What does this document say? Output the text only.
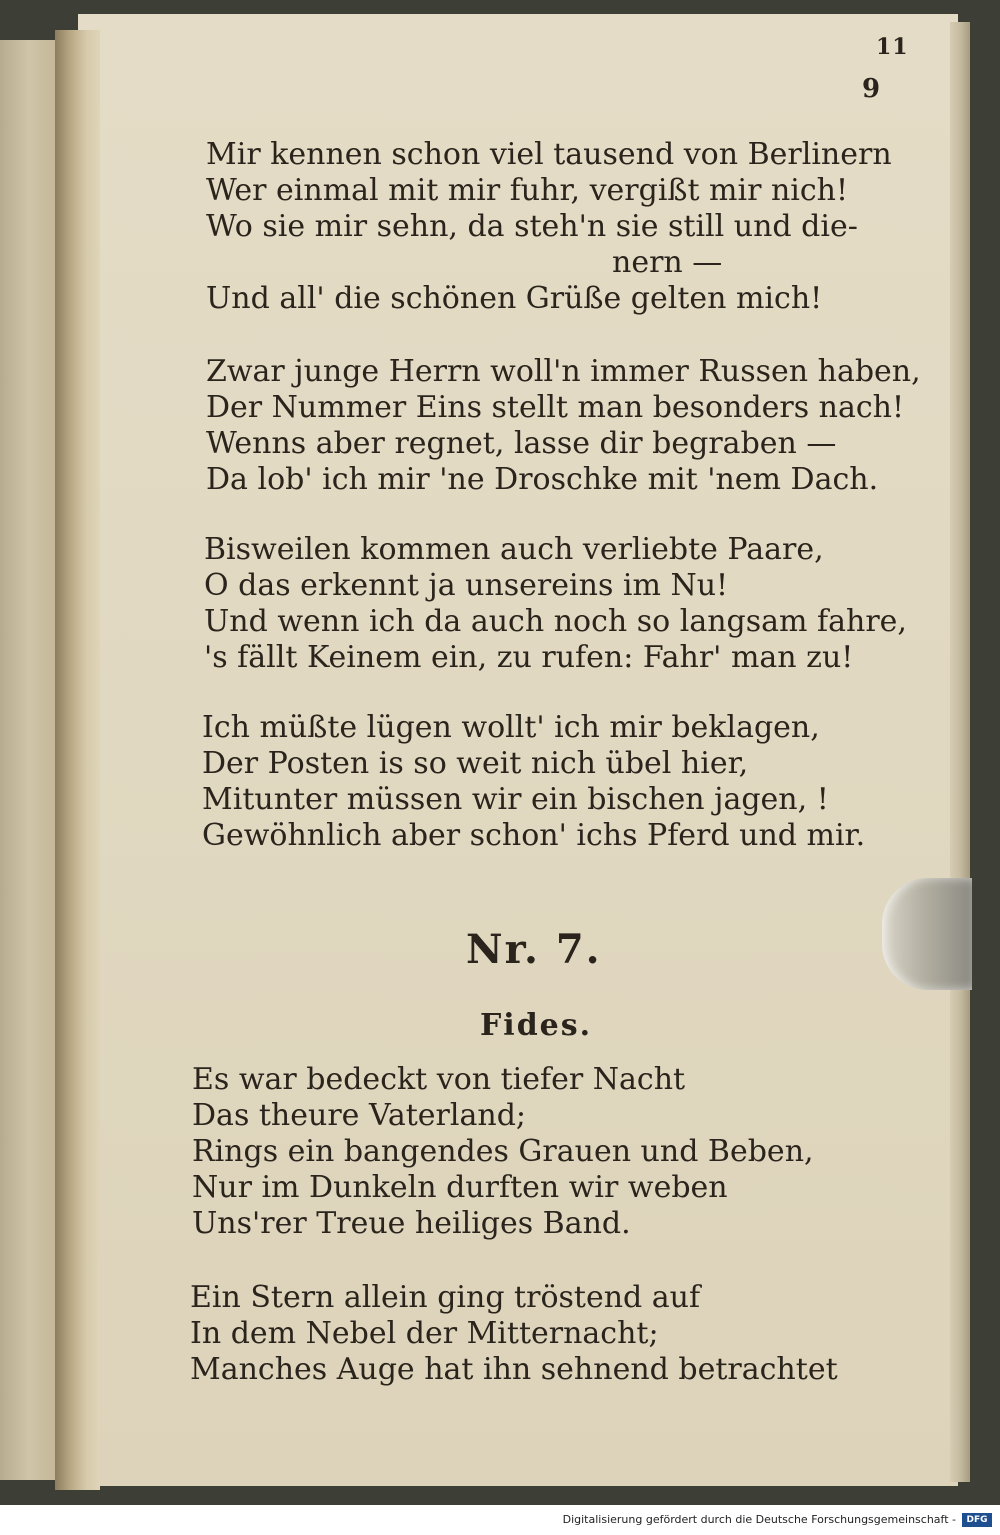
11

9

Mir kennen schon viel tausend von Berlinern

Wer einmal mit mir fuhr, vergißt mir nich!

Wo sie mir sehn, da steh'n sie still und die-

nern —

Und all' die schönen Grüße gelten mich!

Zwar junge Herrn woll'n immer Russen haben,

Der Nummer Eins stellt man besonders nach!

Wenns aber regnet, lasse dir begraben —

Da lob' ich mir 'ne Droschke mit 'nem Dach.

Bisweilen kommen auch verliebte Paare,

O das erkennt ja unsereins im Nu!

Und wenn ich da auch noch so langsam fahre,

's fällt Keinem ein, zu rufen: Fahr' man zu!

Ich müßte lügen wollt' ich mir beklagen,

Der Posten is so weit nich übel hier,

Mitunter müssen wir ein bischen jagen, !

Gewöhnlich aber schon' ichs Pferd und mir.

Nr. 7.

Fides.

Es war bedeckt von tiefer Nacht

Das theure Vaterland;

Rings ein bangendes Grauen und Beben,

Nur im Dunkeln durften wir weben

Uns'rer Treue heiliges Band.

Ein Stern allein ging tröstend auf

In dem Nebel der Mitternacht;

Manches Auge hat ihn sehnend betrachtet

Digitalisierung gefördert durch die Deutsche Forschungsgemeinschaft -	DFG
